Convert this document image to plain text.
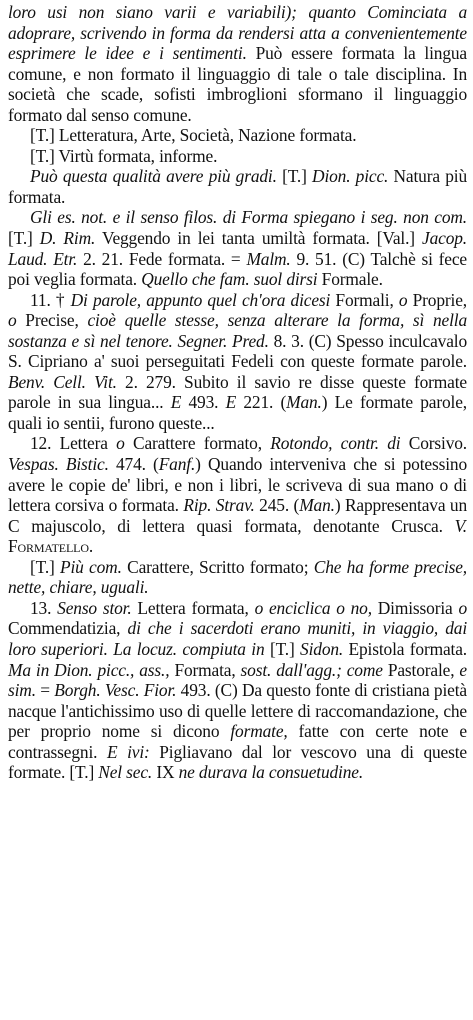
loro usi non siano varii e variabili); quanto Cominciata a adoprare, scrivendo in forma da rendersi atta a convenientemente esprimere le idee e i sentimenti. Può essere formata la lingua comune, e non formato il linguaggio di tale o tale disciplina. In società che scade, sofisti imbroglioni sformano il linguaggio formato dal senso comune.

[T.] Letteratura, Arte, Società, Nazione formata.

[T.] Virtù formata, informe.

Può questa qualità avere più gradi. [T.] Dion. picc. Natura più formata.

Gli es. not. e il senso filos. di Forma spiegano i seg. non com. [T.] D. Rim. Veggendo in lei tanta umiltà formata. [Val.] Jacop. Laud. Etr. 2. 21. Fede formata. = Malm. 9. 51. (C) Talchè si fece poi veglia formata. Quello che fam. suol dirsi Formale.

11. † Di parole, appunto quel ch'ora dicesi Formali, o Proprie, o Precise, cioè quelle stesse, senza alterare la forma, sì nella sostanza e sì nel tenore. Segner. Pred. 8. 3. (C) Spesso inculcavalo S. Cipriano a' suoi perseguitati Fedeli con queste formate parole. Benv. Cell. Vit. 2. 279. Subito il savio re disse queste formate parole in sua lingua... E 493. E 221. (Man.) Le formate parole, quali io sentii, furono queste...

12. Lettera o Carattere formato, Rotondo, contr. di Corsivo. Vespas. Bistic. 474. (Fanf.) Quando interveniva che si potessino avere le copie de' libri, e non i libri, le scriveva di sua mano o di lettera corsiva o formata. Rip. Strav. 245. (Man.) Rappresentava un C majuscolo, di lettera quasi formata, denotante Crusca. V. Formatello.

[T.] Più com. Carattere, Scritto formato; Che ha forme precise, nette, chiare, uguali.

13. Senso stor. Lettera formata, o enciclica o no, Dimissoria o Commendatizia, di che i sacerdoti erano muniti, in viaggio, dai loro superiori. La locuz. compiuta in [T.] Sidon. Epistola formata. Ma in Dion. picc., ass., Formata, sost. dall'agg.; come Pastorale, e sim. = Borgh. Vesc. Fior. 493. (C) Da questo fonte di cristiana pietà nacque l'antichissimo uso di quelle lettere di raccomandazione, che per proprio nome si dicono formate, fatte con certe note e contrassegni. E ivi: Pigliavano dal lor vescovo una di queste formate. [T.] Nel sec. IX ne durava la consuetudine.
